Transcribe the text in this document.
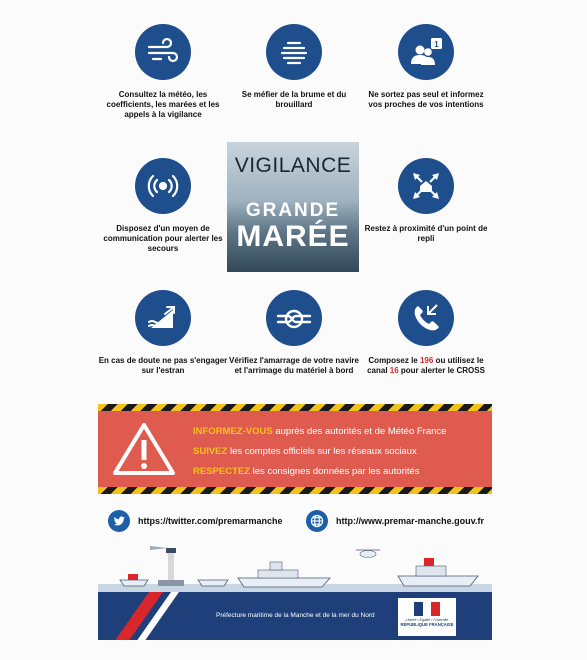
Consultez la météo, les coefficients, les marées et les appels à la vigilance
Se méfier de la brume et du brouillard
1
Ne sortez pas seul et informez vos proches de vos intentions
Disposez d'un moyen de communication pour alerter les secours
VIGILANCE
GRANDE
MARÉE	Restez à proximité d'un point de repli
En cas de doute ne pas s'engager sur l'estran
Vérifiez l'amarrage de votre navire et l'arrimage du matériel à bord
Composez le 196 ou utilisez le canal 16 pour alerter le CROSS
INFORMEZ-VOUS auprès des autorités et de Météo France
SUIVEZ les comptes officiels sur les réseaux sociaux
RESPECTEZ les consignes données par les autorités
https://twitter.com/premarmanche	http://www.premar-manche.gouv.fr
Préfecture maritime de la Manche et de la mer du Nord
Liberté • Égalité • Fraternité
RÉPUBLIQUE FRANÇAISE
